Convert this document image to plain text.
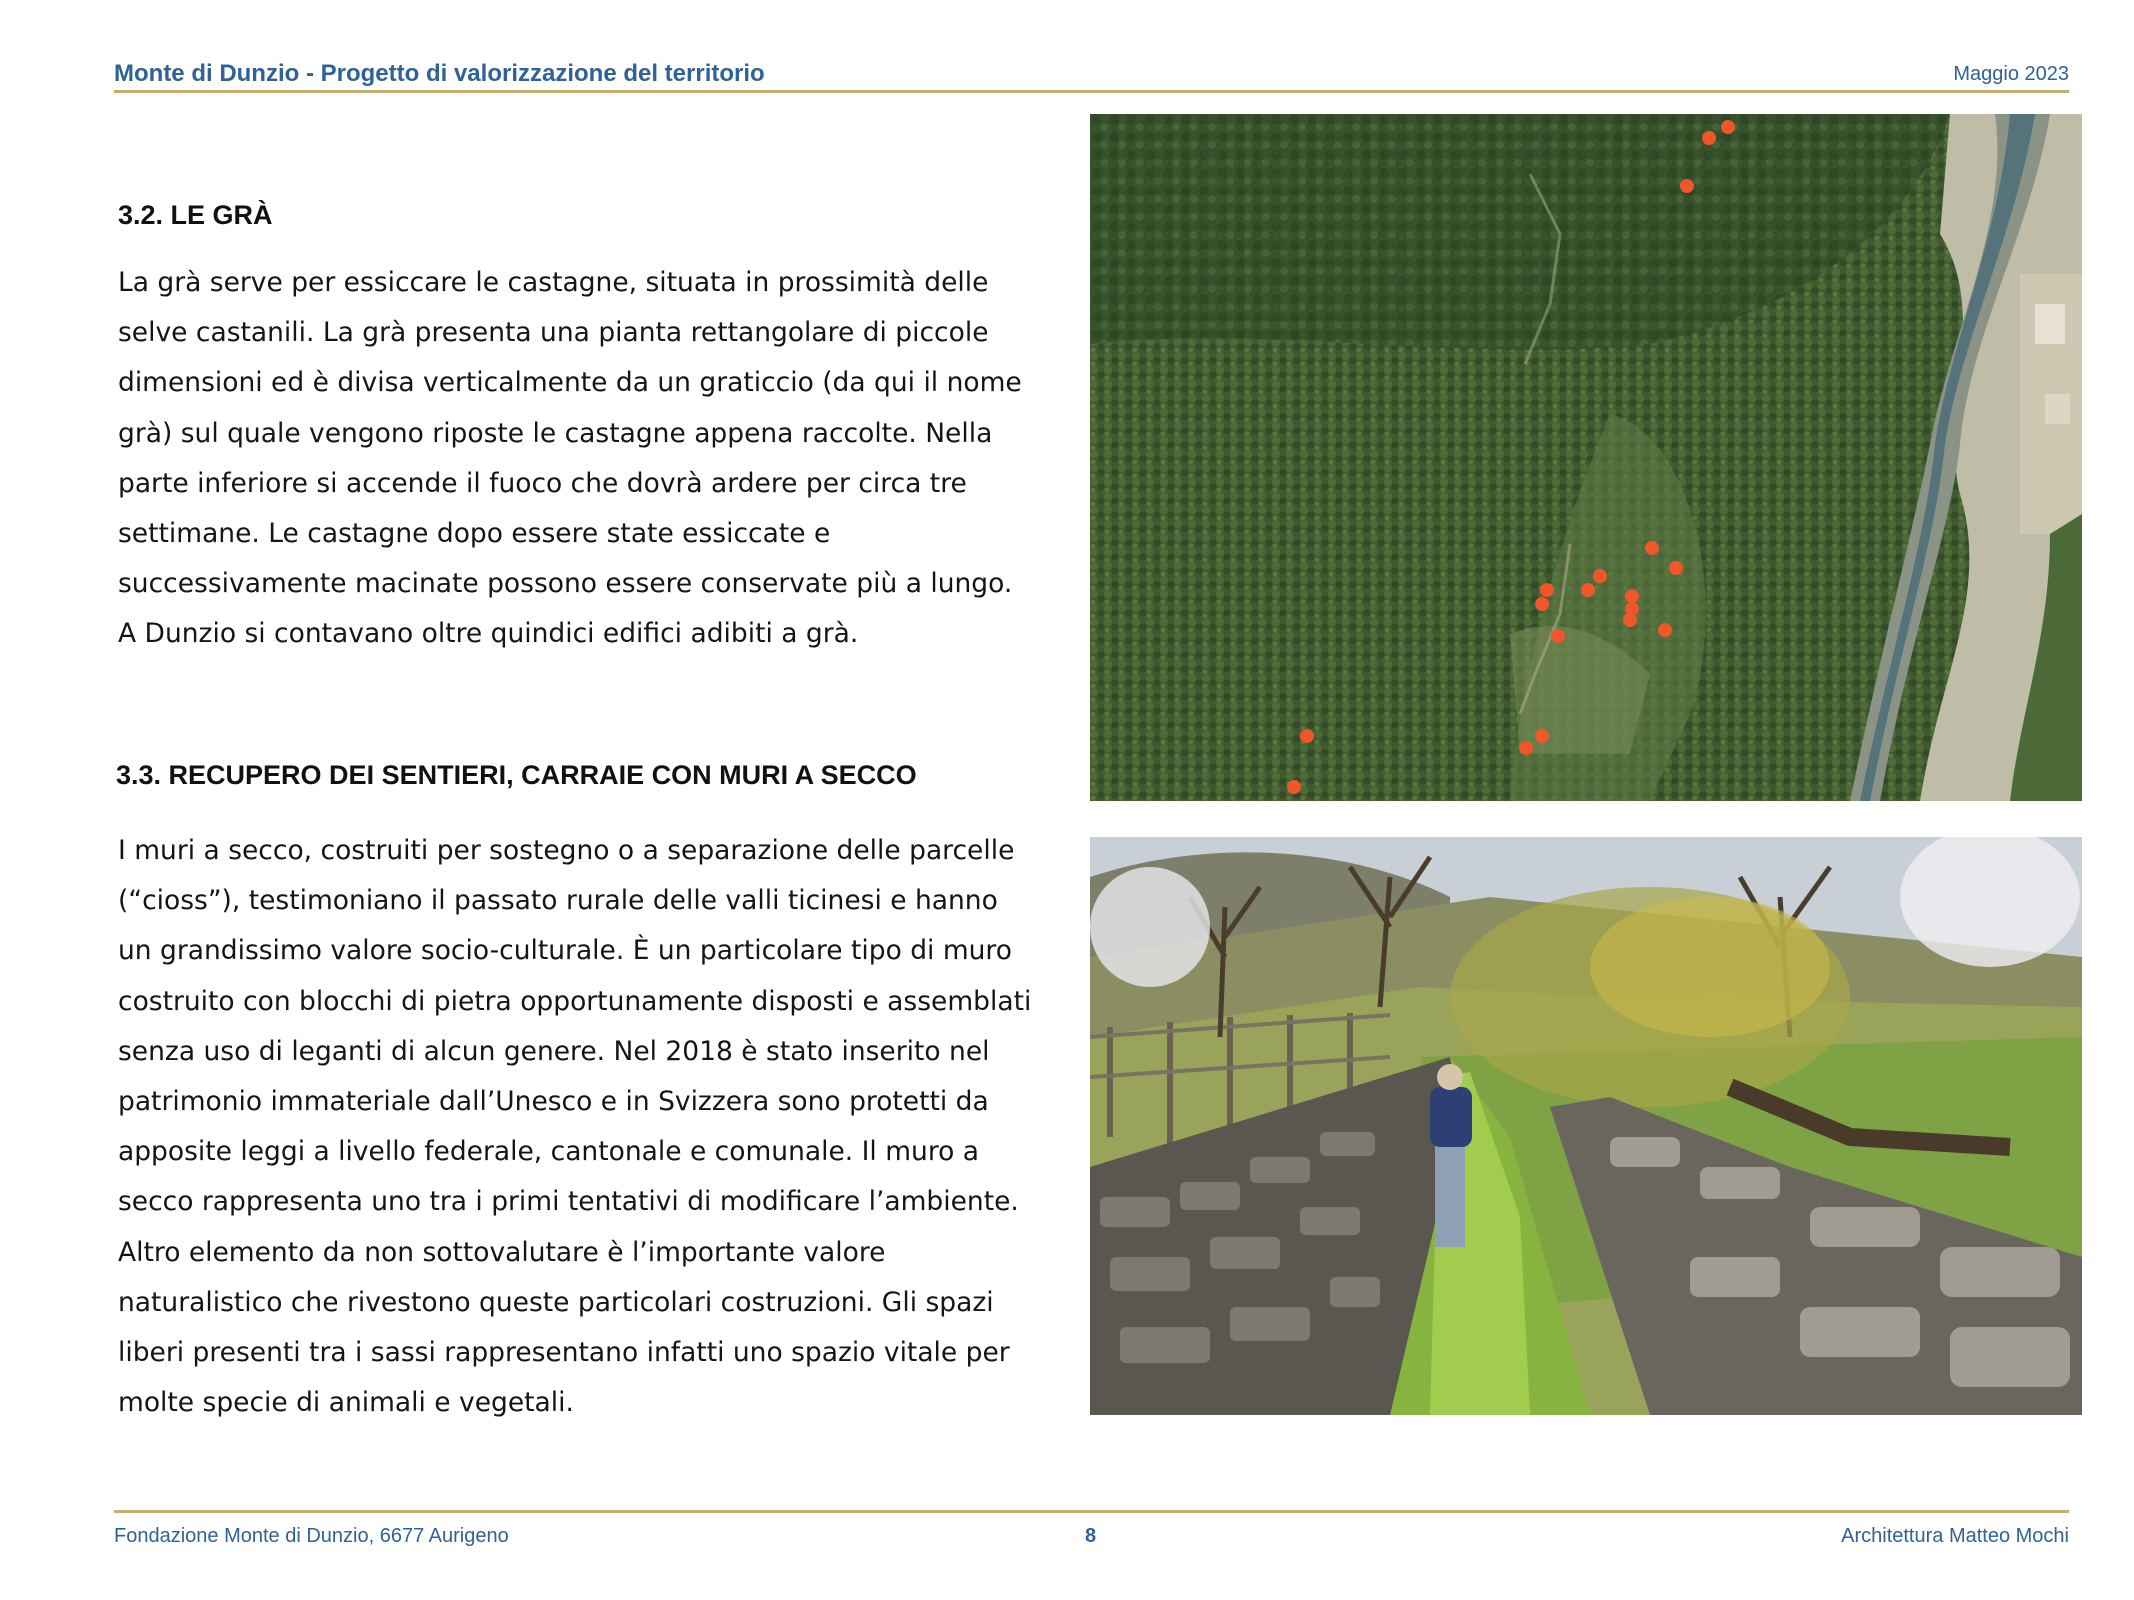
Monte di Dunzio - Progetto di valorizzazione del territorio	Maggio 2023
3.2. LE GRÀ

La grà serve per essiccare le castagne, situata in prossimità delle selve castanili. La grà presenta una pianta rettangolare di piccole dimensioni ed è divisa verticalmente da un graticcio (da qui il nome grà) sul quale vengono riposte le castagne appena raccolte. Nella parte inferiore si accende il fuoco che dovrà ardere per circa tre settimane. Le castagne dopo essere state essiccate e successivamente macinate possono essere conservate più a lungo. A Dunzio si contavano oltre quindici edifici adibiti a grà.

3.3. RECUPERO DEI SENTIERI, CARRAIE CON MURI A SECCO

I muri a secco, costruiti per sostegno o a separazione delle parcelle (“cioss”), testimoniano il passato rurale delle valli ticinesi e hanno un grandissimo valore socio-culturale. È un particolare tipo di muro costruito con blocchi di pietra opportunamente disposti e assemblati senza uso di leganti di alcun genere. Nel 2018 è stato inserito nel patrimonio immateriale dall’Unesco e in Svizzera sono protetti da apposite leggi a livello federale, cantonale e comunale. Il muro a secco rappresenta uno tra i primi tentativi di modificare l’ambiente. Altro elemento da non sottovalutare è l’importante valore naturalistico che rivestono queste particolari costruzioni. Gli spazi liberi presenti tra i sassi rappresentano infatti uno spazio vitale per molte specie di animali e vegetali.

Fondazione Monte di Dunzio, 6677 Aurigeno	8	Architettura Matteo Mochi
